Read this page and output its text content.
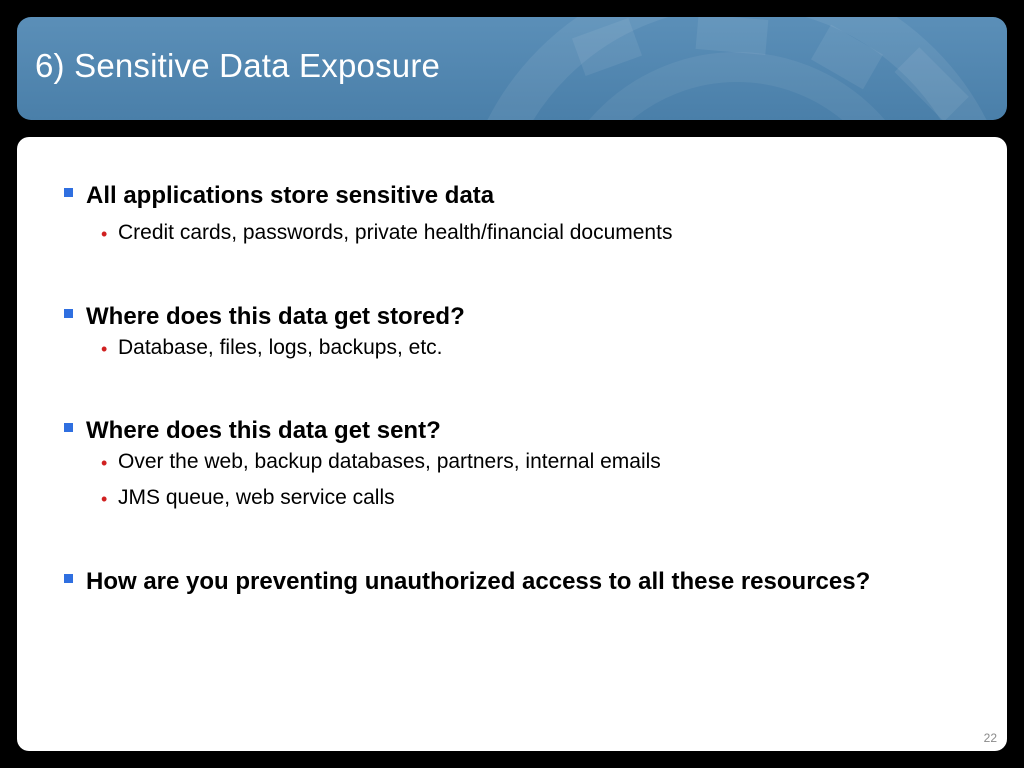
6) Sensitive Data Exposure
All applications store sensitive data
• Credit cards, passwords, private health/financial documents
Where does this data get stored?
• Database, files, logs, backups, etc.
Where does this data get sent?
• Over the web, backup databases, partners, internal emails
• JMS queue, web service calls
How are you preventing unauthorized access to all these resources?
22
